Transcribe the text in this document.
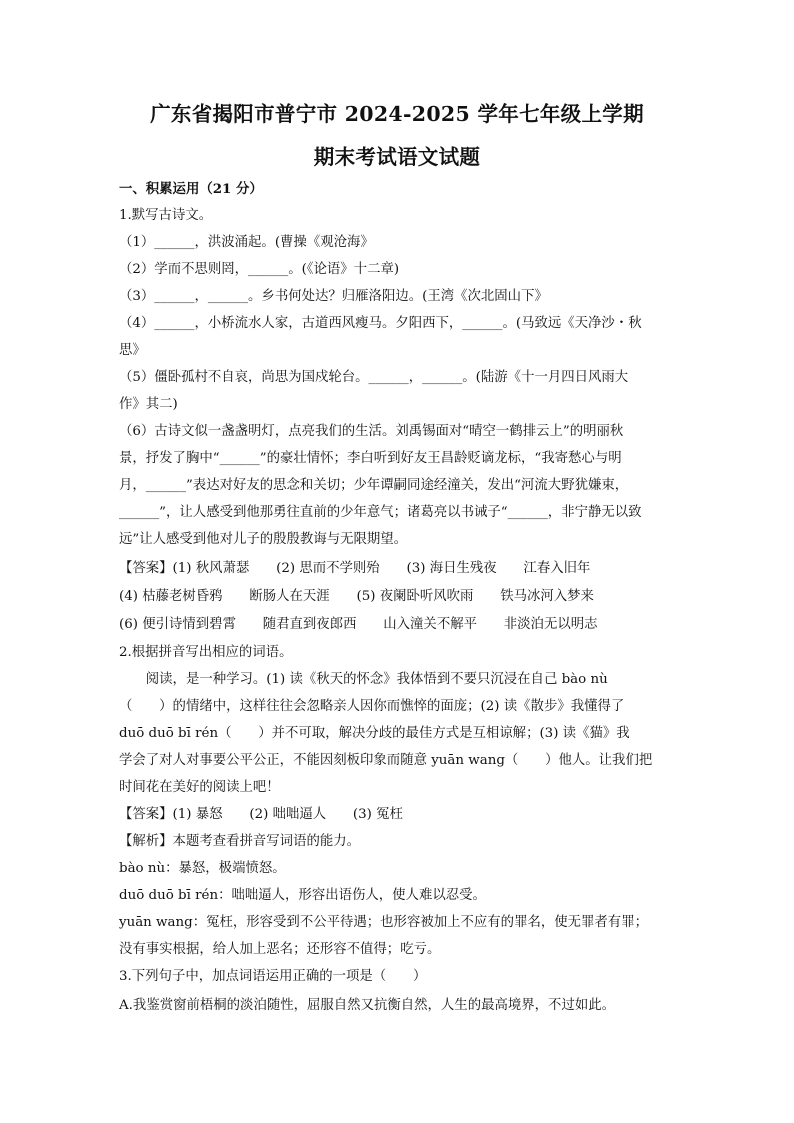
广东省揭阳市普宁市 2024-2025 学年七年级上学期
期末考试语文试题
一、积累运用（21 分）
1.默写古诗文。
（1）______，洪波涌起。(曹操《观沧海》
（2）学而不思则罔，______。(《论语》十二章)
（3）______，______。乡书何处达？归雁洛阳边。(王湾《次北固山下》
（4）______，小桥流水人家，古道西风瘦马。夕阳西下，______。(马致远《天净沙・秋
思》
（5）僵卧孤村不自哀，尚思为国戍轮台。______，______。(陆游《十一月四日风雨大
作》其二)
（6）古诗文似一盏盏明灯，点亮我们的生活。刘禹锡面对“晴空一鹤排云上”的明丽秋
景，抒发了胸中“______”的豪壮情怀；李白听到好友王昌龄贬谪龙标，“我寄愁心与明
月，______”表达对好友的思念和关切；少年谭嗣同途经潼关，发出“河流大野犹嫌束，
______”，让人感受到他那勇往直前的少年意气；诸葛亮以书诫子“______，非宁静无以致
远”让人感受到他对儿子的殷殷教诲与无限期望。
【答案】(1) 秋风萧瑟　　(2) 思而不学则殆　　(3) 海日生残夜　　江春入旧年
(4) 枯藤老树昏鸦　　断肠人在天涯　　(5) 夜阑卧听风吹雨　　铁马冰河入梦来
(6) 便引诗情到碧霄　　随君直到夜郎西　　山入潼关不解平　　非淡泊无以明志
2.根据拼音写出相应的词语。
　　阅读，是一种学习。(1) 读《秋天的怀念》我体悟到不要只沉浸在自己 bào nù
（　　）的情绪中，这样往往会忽略亲人因你而憔悴的面庞；(2) 读《散步》我懂得了
duō duō bī rén（　　）并不可取，解决分歧的最佳方式是互相谅解；(3) 读《猫》我
学会了对人对事要公平公正，不能因刻板印象而随意 yuān wang（　　）他人。让我们把
时间花在美好的阅读上吧！
【答案】(1) 暴怒　　(2) 咄咄逼人　　(3) 冤枉
【解析】本题考查看拼音写词语的能力。
bào nù：暴怒，极端愤怒。
duō duō bī rén：咄咄逼人，形容出语伤人，使人难以忍受。
yuān wang：冤枉，形容受到不公平待遇；也形容被加上不应有的罪名，使无罪者有罪；
没有事实根据，给人加上恶名；还形容不值得；吃亏。
3.下列句子中，加点词语运用正确的一项是（　　）
A.我鉴赏窗前梧桐的淡泊随性，屈服自然又抗衡自然，人生的最高境界，不过如此。
